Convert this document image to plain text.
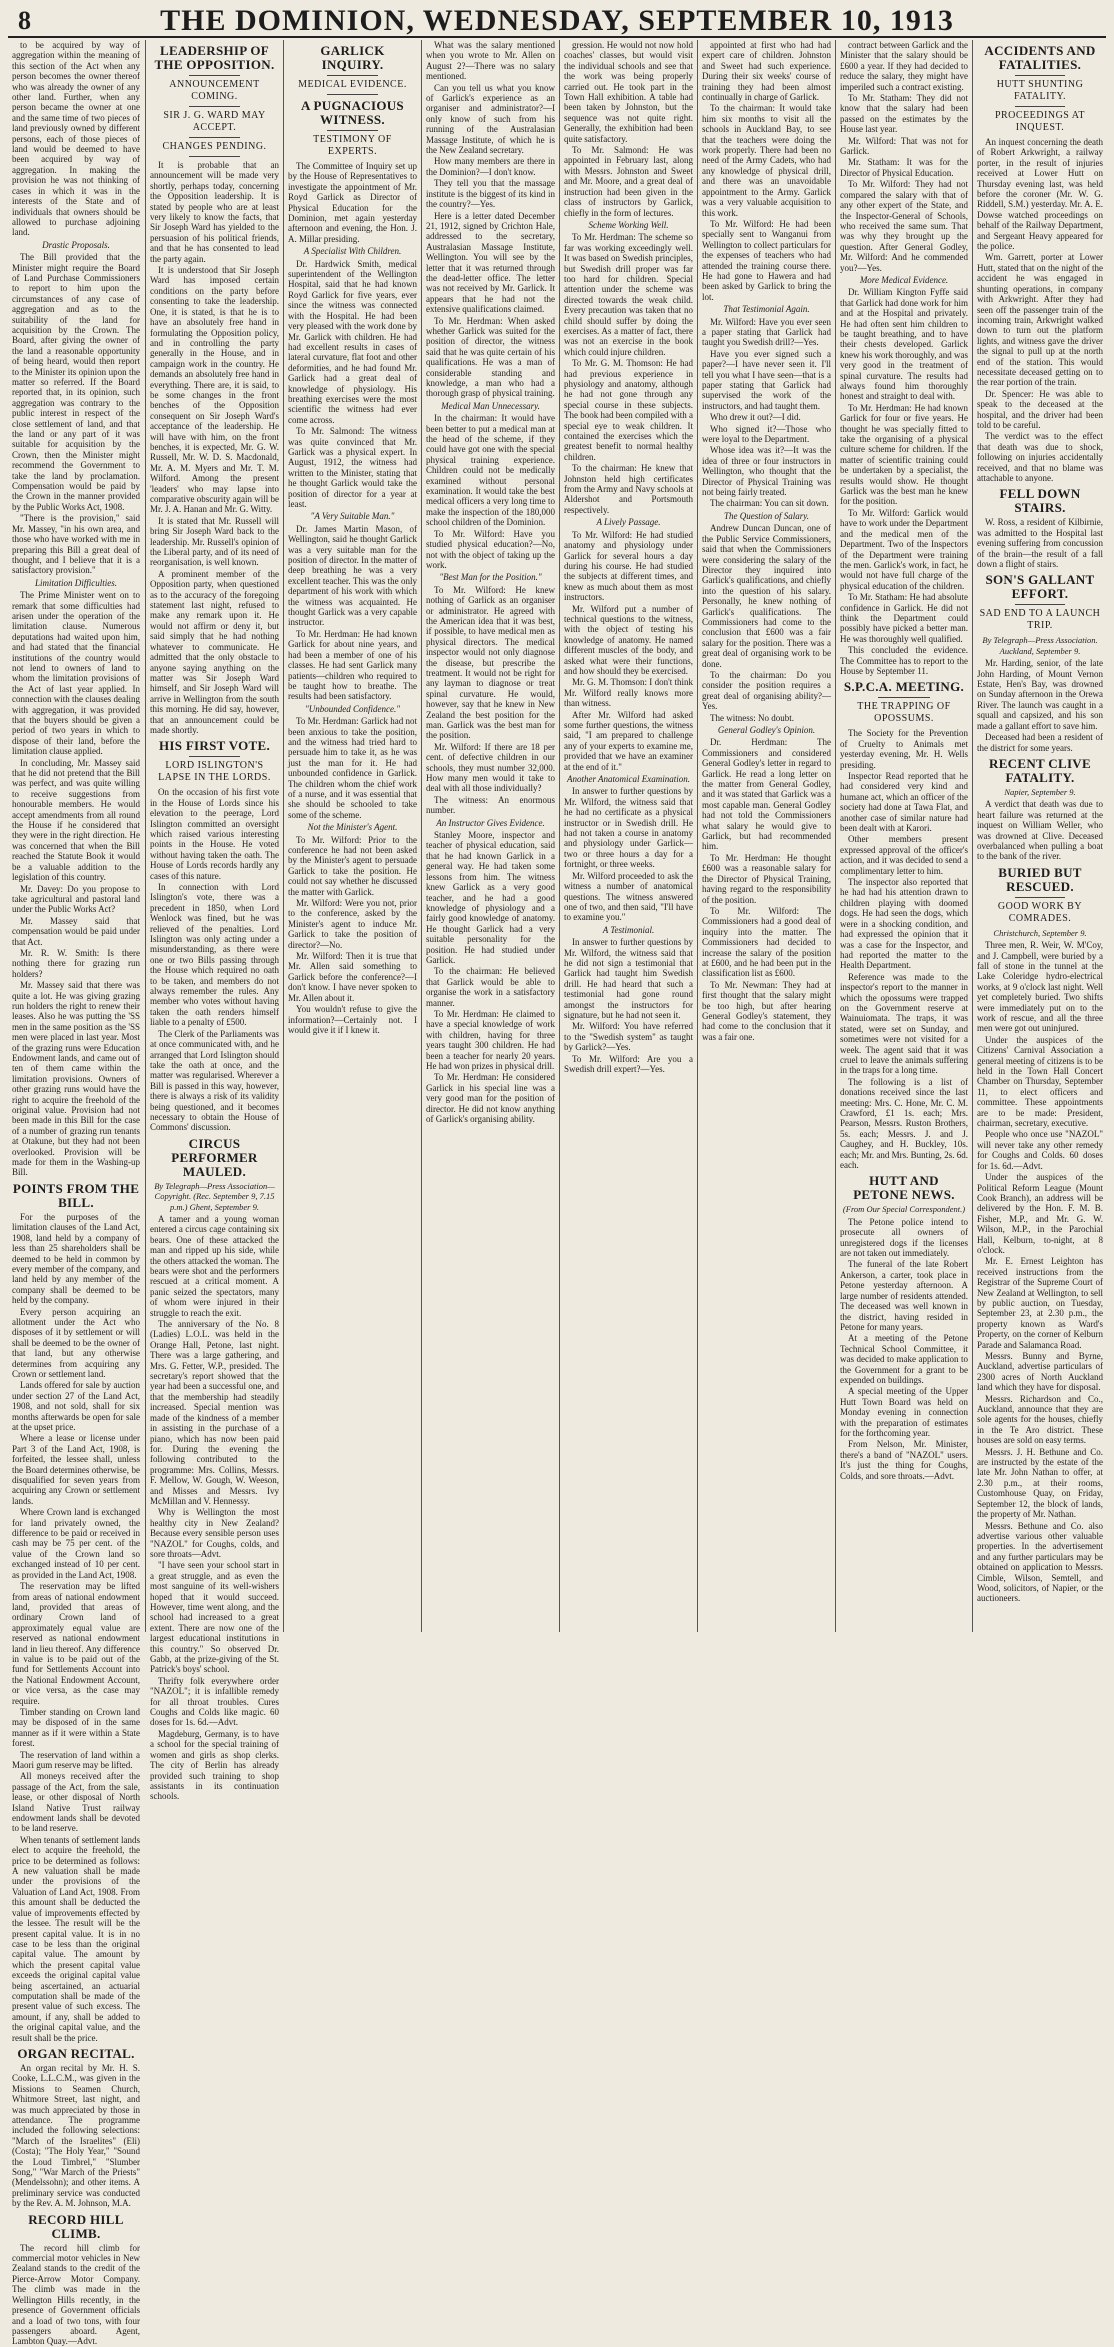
8	THE DOMINION, WEDNESDAY, SEPTEMBER 10, 1913

to be acquired by way of aggregation within the meaning of this section of the Act when any person becomes the owner thereof who was already the owner of any other land. Further, when any person became the owner at one and the same time of two pieces of land previously owned by different persons, each of those pieces of land would be deemed to have been acquired by way of aggregation. In making the provision he was not thinking of cases in which it was in the interests of the State and of individuals that owners should be allowed to purchase adjoining land.

Drastic Proposals.

The Bill provided that the Minister might require the Board of Land Purchase Commissioners to report to him upon the circumstances of any case of aggregation and as to the suitability of the land for acquisition by the Crown. The Board, after giving the owner of the land a reasonable opportunity of being heard, would then report to the Minister its opinion upon the matter so referred. If the Board reported that, in its opinion, such aggregation was contrary to the public interest in respect of the close settlement of land, and that the land or any part of it was suitable for acquisition by the Crown, then the Minister might recommend the Government to take the land by proclamation. Compensation would be paid by the Crown in the manner provided by the Public Works Act, 1908.

"There is the provision," said Mr. Massey, "in his own area, and those who have worked with me in preparing this Bill a great deal of thought, and I believe that it is a satisfactory provision."

Limitation Difficulties.

The Prime Minister went on to remark that some difficulties had arisen under the operation of the limitation clause. Numerous deputations had waited upon him, and had stated that the financial institutions of the country would not lend to owners of land to whom the limitation provisions of the Act of last year applied. In connection with the clauses dealing with aggregation, it was provided that the buyers should be given a period of two years in which to dispose of their land, before the limitation clause applied.

In concluding, Mr. Massey said that he did not pretend that the Bill was perfect, and was quite willing to receive suggestions from honourable members. He would accept amendments from all round the House if he considered that they were in the right direction. He was concerned that when the Bill reached the Statute Book it would be a valuable addition to the legislation of this country.

Mr. Davey: Do you propose to take agricultural and pastoral land under the Public Works Act?

Mr. Massey said that compensation would be paid under that Act.

Mr. R. W. Smith: Is there nothing there for grazing run holders?

Mr. Massey said that there was quite a lot. He was giving grazing run holders the right to renew their leases. Also he was putting the 'SS men in the same position as the 'SS men were placed in last year. Most of the grazing runs were Education Endowment lands, and came out of ten of them came within the limitation provisions. Owners of other grazing runs would have the right to acquire the freehold of the original value. Provision had not been made in this Bill for the case of a number of grazing run tenants at Otakune, but they had not been overlooked. Provision will be made for them in the Washing-up Bill.

POINTS FROM THE BILL.

For the purposes of the limitation clauses of the Land Act, 1908, land held by a company of less than 25 shareholders shall be deemed to be held in common by every member of the company, and land held by any member of the company shall be deemed to be held by the company.

Every person acquiring an allotment under the Act who disposes of it by settlement or will shall be deemed to be the owner of that land, but any otherwise determines from acquiring any Crown or settlement land.

Lands offered for sale by auction under section 27 of the Land Act, 1908, and not sold, shall for six months afterwards be open for sale at the upset price.

Where a lease or license under Part 3 of the Land Act, 1908, is forfeited, the lessee shall, unless the Board determines otherwise, be disqualified for seven years from acquiring any Crown or settlement lands.

Where Crown land is exchanged for land privately owned, the difference to be paid or received in cash may be 75 per cent. of the value of the Crown land so exchanged instead of 10 per cent. as provided in the Land Act, 1908.

The reservation may be lifted from areas of national endowment land, provided that areas of ordinary Crown land of approximately equal value are reserved as national endowment land in lieu thereof. Any difference in value is to be paid out of the fund for Settlements Account into the National Endowment Account, or vice versa, as the case may require.

Timber standing on Crown land may be disposed of in the same manner as if it were within a State forest.

The reservation of land within a Maori gum reserve may be lifted.

All moneys received after the passage of the Act, from the sale, lease, or other disposal of North Island Native Trust railway endowment lands shall be devoted to be land reserve.

When tenants of settlement lands elect to acquire the freehold, the price to be determined as follows: A new valuation shall be made under the provisions of the Valuation of Land Act, 1908. From this amount shall be deducted the value of improvements effected by the lessee. The result will be the present capital value. It is in no case to be less than the original capital value. The amount by which the present capital value exceeds the original capital value being ascertained, an actuarial computation shall be made of the present value of such excess. The amount, if any, shall be added to the original capital value, and the result shall be the price.

ORGAN RECITAL.

An organ recital by Mr. H. S. Cooke, L.L.C.M., was given in the Missions to Seamen Church, Whitmore Street, last night, and was much appreciated by those in attendance. The programme included the following selections: "March of the Israelites" (Eli) (Costa); "The Holy Year," "Sound the Loud Timbrel," "Slumber Song," "War March of the Priests" (Mendelssohn); and other items. A preliminary service was conducted by the Rev. A. M. Johnson, M.A.

RECORD HILL CLIMB.

The record hill climb for commercial motor vehicles in New Zealand stands to the credit of the Pierce-Arrow Motor Company. The climb was made in the Wellington Hills recently, in the presence of Government officials and a load of two tons, with four passengers aboard. Agent, Lambton Quay.—Advt.

LEADERSHIP OF THE OPPOSITION.
ANNOUNCEMENT COMING.
SIR J. G. WARD MAY ACCEPT.
CHANGES PENDING.

It is probable that an announcement will be made very shortly, perhaps today, concerning the Opposition leadership. It is stated by people who are at least very likely to know the facts, that Sir Joseph Ward has yielded to the persuasion of his political friends, and that he has consented to lead the party again.

It is understood that Sir Joseph Ward has imposed certain conditions on the party before consenting to take the leadership. One, it is stated, is that he is to have an absolutely free hand in formulating the Opposition policy, and in controlling the party generally in the House, and in campaign work in the country. He demands an absolutely free hand in everything. There are, it is said, to be some changes in the front benches of the Opposition consequent on Sir Joseph Ward's acceptance of the leadership. He will have with him, on the front benches, it is expected, Mr. G. W. Russell, Mr. W. D. S. Macdonald, Mr. A. M. Myers and Mr. T. M. Wilford. Among the present 'leaders' who may lapse into comparative obscurity again will be Mr. J. A. Hanan and Mr. G. Witty.

It is stated that Mr. Russell will bring Sir Joseph Ward back to the leadership. Mr. Russell's opinion of the Liberal party, and of its need of reorganisation, is well known.

A prominent member of the Opposition party, when questioned as to the accuracy of the foregoing statement last night, refused to make any remark upon it. He would not affirm or deny it, but said simply that he had nothing whatever to communicate. He admitted that the only obstacle to anyone saying anything on the matter was Sir Joseph Ward himself, and Sir Joseph Ward will arrive in Wellington from the south this morning. He did say, however, that an announcement could be made shortly.

HIS FIRST VOTE.
LORD ISLINGTON'S LAPSE IN THE LORDS.

On the occasion of his first vote in the House of Lords since his elevation to the peerage, Lord Islington committed an oversight which raised various interesting points in the House. He voted without having taken the oath. The House of Lords records hardly any cases of this nature.

In connection with Lord Islington's vote, there was a precedent in 1850, when Lord Wenlock was fined, but he was relieved of the penalties. Lord Islington was only acting under a misunderstanding, as there were one or two Bills passing through the House which required no oath to be taken, and members do not always remember the rules. Any member who votes without having taken the oath renders himself liable to a penalty of £500.

The Clerk of the Parliaments was at once communicated with, and he arranged that Lord Islington should take the oath at once, and the matter was regularised. Wherever a Bill is passed in this way, however, there is always a risk of its validity being questioned, and it becomes necessary to obtain the House of Commons' discussion.

CIRCUS PERFORMER MAULED.
By Telegraph—Press Association—Copyright. (Rec. September 9, 7.15 p.m.) Ghent, September 9.

A tamer and a young woman entered a circus cage containing six bears. One of these attacked the man and ripped up his side, while the others attacked the woman. The bears were shot and the performers rescued at a critical moment. A panic seized the spectators, many of whom were injured in their struggle to reach the exit.

The anniversary of the No. 8 (Ladies) L.O.L. was held in the Orange Hall, Petone, last night. There was a large gathering, and Mrs. G. Fetter, W.P., presided. The secretary's report showed that the year had been a successful one, and that the membership had steadily increased. Special mention was made of the kindness of a member in assisting in the purchase of a piano, which has now been paid for. During the evening the following contributed to the programme: Mrs. Collins, Messrs. F. Mellow, W. Gough, W. Weeson, and Misses and Messrs. Ivy McMillan and V. Hennessy.

Why is Wellington the most healthy city in New Zealand? Because every sensible person uses "NAZOL" for Coughs, colds, and sore throats—Advt.

"I have seen your school start in a great struggle, and as even the most sanguine of its well-wishers hoped that it would succeed. However, time went along, and the school had increased to a great extent. There are now one of the largest educational institutions in this country." So observed Dr. Gabb, at the prize-giving of the St. Patrick's boys' school.

Thrifty folk everywhere order "NAZOL"; it is infallible remedy for all throat troubles. Cures Coughs and Colds like magic. 60 doses for 1s. 6d.—Advt.

Magdeburg, Germany, is to have a school for the special training of women and girls as shop clerks. The city of Berlin has already provided such training to shop assistants in its continuation schools.

GARLICK INQUIRY.
MEDICAL EVIDENCE.
A PUGNACIOUS WITNESS.
TESTIMONY OF EXPERTS.

The Committee of Inquiry set up by the House of Representatives to investigate the appointment of Mr. Royd Garlick as Director of Physical Education for the Dominion, met again yesterday afternoon and evening, the Hon. J. A. Millar presiding.

A Specialist With Children.

Dr. Hardwick Smith, medical superintendent of the Wellington Hospital, said that he had known Royd Garlick for five years, ever since the witness was connected with the Hospital. He had been very pleased with the work done by Mr. Garlick with children. He had had excellent results in cases of lateral curvature, flat foot and other deformities, and he had found Mr. Garlick had a great deal of knowledge of physiology. His breathing exercises were the most scientific the witness had ever come across.

To Mr. Salmond: The witness was quite convinced that Mr. Garlick was a physical expert. In August, 1912, the witness had written to the Minister, stating that he thought Garlick would take the position of director for a year at least.

"A Very Suitable Man."

Dr. James Martin Mason, of Wellington, said he thought Garlick was a very suitable man for the position of director. In the matter of deep breathing he was a very excellent teacher. This was the only department of his work with which the witness was acquainted. He thought Garlick was a very capable instructor.

To Mr. Herdman: He had known Garlick for about nine years, and had been a member of one of his classes. He had sent Garlick many patients—children who required to be taught how to breathe. The results had been satisfactory.

"Unbounded Confidence."

To Mr. Herdman: Garlick had not been anxious to take the position, and the witness had tried hard to persuade him to take it, as he was just the man for it. He had unbounded confidence in Garlick. The children whom the chief work of a nurse, and it was essential that she should be schooled to take some of the scheme.

Not the Minister's Agent.

To Mr. Wilford: Prior to the conference he had not been asked by the Minister's agent to persuade Garlick to take the position. He could not say whether he discussed the matter with Garlick.

Mr. Wilford: Were you not, prior to the conference, asked by the Minister's agent to induce Mr. Garlick to take the position of director?—No.

Mr. Wilford: Then it is true that Mr. Allen said something to Garlick before the conference?—I don't know. I have never spoken to Mr. Allen about it.

You wouldn't refuse to give the information?—Certainly not. I would give it if I knew it.

What was the salary mentioned when you wrote to Mr. Allen on August 2?—There was no salary mentioned.

Can you tell us what you know of Garlick's experience as an organiser and administrator?—I only know of such from his running of the Australasian Massage Institute, of which he is the New Zealand secretary.

How many members are there in the Dominion?—I don't know.

They tell you that the massage institute is the biggest of its kind in the country?—Yes.

Here is a letter dated December 21, 1912, signed by Crichton Hale, addressed to the secretary, Australasian Massage Institute, Wellington. You will see by the letter that it was returned through the dead-letter office. The letter was not received by Mr. Garlick. It appears that he had not the extensive qualifications claimed.

To Mr. Herdman: When asked whether Garlick was suited for the position of director, the witness said that he was quite certain of his qualifications. He was a man of considerable standing and knowledge, a man who had a thorough grasp of physical training.

Medical Man Unnecessary.

In the chairman: It would have been better to put a medical man at the head of the scheme, if they could have got one with the special physical training experience. Children could not be medically examined without personal examination. It would take the best medical officers a very long time to make the inspection of the 180,000 school children of the Dominion.

To Mr. Wilford: Have you studied physical education?—No, not with the object of taking up the work.

"Best Man for the Position."

To Mr. Wilford: He knew nothing of Garlick as an organiser or administrator. He agreed with the American idea that it was best, if possible, to have medical men as physical directors. The medical inspector would not only diagnose the disease, but prescribe the treatment. It would not be right for any layman to diagnose or treat spinal curvature. He would, however, say that he knew in New Zealand the best position for the man. Garlick was the best man for the position.

Mr. Wilford: If there are 18 per cent. of defective children in our schools, they must number 32,000. How many men would it take to deal with all those individually?

The witness: An enormous number.

An Instructor Gives Evidence.

Stanley Moore, inspector and teacher of physical education, said that he had known Garlick in a general way. He had taken some lessons from him. The witness knew Garlick as a very good teacher, and he had a good knowledge of physiology and a fairly good knowledge of anatomy. He thought Garlick had a very suitable personality for the position. He had studied under Garlick.

To the chairman: He believed that Garlick would be able to organise the work in a satisfactory manner.

To Mr. Herdman: He claimed to have a special knowledge of work with children, having for three years taught 300 children. He had been a teacher for nearly 20 years. He had won prizes in physical drill.

To Mr. Herdman: He considered Garlick in his special line was a very good man for the position of director. He did not know anything of Garlick's organising ability.

gression. He would not now hold coaches' classes, but would visit the individual schools and see that the work was being properly carried out. He took part in the Town Hall exhibition. A table had been taken by Johnston, but the sequence was not quite right. Generally, the exhibition had been quite satisfactory.

To Mr. Salmond: He was appointed in February last, along with Messrs. Johnston and Sweet and Mr. Moore, and a great deal of instruction had been given in the class of instructors by Garlick, chiefly in the form of lectures.

Scheme Working Well.

To Mr. Herdman: The scheme so far was working exceedingly well. It was based on Swedish principles, but Swedish drill proper was far too hard for children. Special attention under the scheme was directed towards the weak child. Every precaution was taken that no child should suffer by doing the exercises. As a matter of fact, there was not an exercise in the book which could injure children.

To Mr. G. M. Thomson: He had had previous experience in physiology and anatomy, although he had not gone through any special course in these subjects. The book had been compiled with a special eye to weak children. It contained the exercises which the greatest benefit to normal healthy children.

To the chairman: He knew that Johnston held high certificates from the Army and Navy schools at Aldershot and Portsmouth respectively.

A Lively Passage.

To Mr. Wilford: He had studied anatomy and physiology under Garlick for several hours a day during his course. He had studied the subjects at different times, and knew as much about them as most instructors.

Mr. Wilford put a number of technical questions to the witness, with the object of testing his knowledge of anatomy. He named different muscles of the body, and asked what were their functions, and how should they be exercised.

Mr. G. M. Thomson: I don't think Mr. Wilford really knows more than witness.

After Mr. Wilford had asked some further questions, the witness said, "I am prepared to challenge any of your experts to examine me, provided that we have an examiner at the end of it."

Another Anatomical Examination.

In answer to further questions by Mr. Wilford, the witness said that he had no certificate as a physical instructor or in Swedish drill. He had not taken a course in anatomy and physiology under Garlick—two or three hours a day for a fortnight, or three weeks.

Mr. Wilford proceeded to ask the witness a number of anatomical questions. The witness answered one of two, and then said, "I'll have to examine you."

A Testimonial.

In answer to further questions by Mr. Wilford, the witness said that he did not sign a testimonial that Garlick had taught him Swedish drill. He had heard that such a testimonial had gone round amongst the instructors for signature, but he had not seen it.

Mr. Wilford: You have referred to the "Swedish system" as taught by Garlick?—Yes.

To Mr. Wilford: Are you a Swedish drill expert?—Yes.

appointed at first who had had expert care of children. Johnston and Sweet had such experience. During their six weeks' course of training they had been almost continually in charge of Garlick.

To the chairman: It would take him six months to visit all the schools in Auckland Bay, to see that the teachers were doing the work properly. There had been no need of the Army Cadets, who had any knowledge of physical drill, and there was an unavoidable appointment to the Army. Garlick was a very valuable acquisition to this work.

To Mr. Wilford: He had been specially sent to Wanganui from Wellington to collect particulars for the expenses of teachers who had attended the training course there. He had gone to Hawera and had been asked by Garlick to bring the lot.

That Testimonial Again.

Mr. Wilford: Have you ever seen a paper stating that Garlick had taught you Swedish drill?—Yes.

Have you ever signed such a paper?—I have never seen it. I'll tell you what I have seen—that is a paper stating that Garlick had supervised the work of the instructors, and had taught them.

Who drew it out?—I did.

Who signed it?—Those who were loyal to the Department.

Whose idea was it?—It was the idea of three or four instructors in Wellington, who thought that the Director of Physical Training was not being fairly treated.

The chairman: You can sit down.

The Question of Salary.

Andrew Duncan Duncan, one of the Public Service Commissioners, said that when the Commissioners were considering the salary of the Director they inquired into Garlick's qualifications, and chiefly into the question of his salary. Personally, he knew nothing of Garlick's qualifications. The Commissioners had come to the conclusion that £600 was a fair salary for the position. There was a great deal of organising work to be done.

To the chairman: Do you consider the position requires a great deal of organising ability?—Yes.

The witness: No doubt.

General Godley's Opinion.

Dr. Herdman: The Commissioners and considered General Godley's letter in regard to Garlick. He read a long letter on the matter from General Godley, and it was stated that Garlick was a most capable man. General Godley had not told the Commissioners what salary he would give to Garlick, but had recommended him.

To Mr. Herdman: He thought £600 was a reasonable salary for the Director of Physical Training, having regard to the responsibility of the position.

To Mr. Wilford: The Commissioners had a good deal of inquiry into the matter. The Commissioners had decided to increase the salary of the position at £600, and he had been put in the classification list as £600.

To Mr. Newman: They had at first thought that the salary might be too high, but after hearing General Godley's statement, they had come to the conclusion that it was a fair one.

contract between Garlick and the Minister that the salary should be £600 a year. If they had decided to reduce the salary, they might have imperiled such a contract existing.

To Mr. Statham: They did not know that the salary had been passed on the estimates by the House last year.

Mr. Wilford: That was not for Garlick.

Mr. Statham: It was for the Director of Physical Education.

To Mr. Wilford: They had not compared the salary with that of any other expert of the State, and the Inspector-General of Schools, who received the same sum. That was why they brought up the question. After General Godley, Mr. Wilford: And he commended you?—Yes.

More Medical Evidence.

Dr. William Kington Fyffe said that Garlick had done work for him and at the Hospital and privately. He had often sent him children to be taught breathing, and to have their chests developed. Garlick knew his work thoroughly, and was very good in the treatment of spinal curvature. The results had always found him thoroughly honest and straight to deal with.

To Mr. Herdman: He had known Garlick for four or five years. He thought he was specially fitted to take the organising of a physical culture scheme for children. If the matter of scientific training could be undertaken by a specialist, the results would show. He thought Garlick was the best man he knew for the position.

To Mr. Wilford: Garlick would have to work under the Department and the medical men of the Department. Two of the Inspectors of the Department were training the men. Garlick's work, in fact, he would not have full charge of the physical education of the children.

To Mr. Statham: He had absolute confidence in Garlick. He did not think the Department could possibly have picked a better man. He was thoroughly well qualified.

This concluded the evidence. The Committee has to report to the House by September 11.

S.P.C.A. MEETING.
THE TRAPPING OF OPOSSUMS.

The Society for the Prevention of Cruelty to Animals met yesterday evening, Mr. H. Wells presiding.

Inspector Read reported that he had considered very kind and humane act, which an officer of the society had done at Tawa Flat, and another case of similar nature had been dealt with at Karori.

Other members present expressed approval of the officer's action, and it was decided to send a complimentary letter to him.

The inspector also reported that he had had his attention drawn to children playing with doomed dogs. He had seen the dogs, which were in a shocking condition, and had expressed the opinion that it was a case for the Inspector, and had reported the matter to the Health Department.

Reference was made to the inspector's report to the manner in which the opossums were trapped on the Government reserve at Wainuiomata. The traps, it was stated, were set on Sunday, and sometimes were not visited for a week. The agent said that it was cruel to leave the animals suffering in the traps for a long time.

The following is a list of donations received since the last meeting: Mrs. C. Hone, Mr. C. M. Crawford, £1 1s. each; Mrs. Pearson, Messrs. Ruston Brothers, 5s. each; Messrs. J. and J. Caughey, and H. Buckley, 10s. each; Mr. and Mrs. Bunting, 2s. 6d. each.

HUTT AND PETONE NEWS.
(From Our Special Correspondent.)

The Petone police intend to prosecute all owners of unregistered dogs if the licenses are not taken out immediately.

The funeral of the late Robert Ankerson, a carter, took place in Petone yesterday afternoon. A large number of residents attended. The deceased was well known in the district, having resided in Petone for many years.

At a meeting of the Petone Technical School Committee, it was decided to make application to the Government for a grant to be expended on buildings.

A special meeting of the Upper Hutt Town Board was held on Monday evening in connection with the preparation of estimates for the forthcoming year.

From Nelson, Mr. Minister, there's a band of "NAZOL" users. It's just the thing for Coughs, Colds, and sore throats.—Advt.

ACCIDENTS AND FATALITIES.
HUTT SHUNTING FATALITY.
PROCEEDINGS AT INQUEST.

An inquest concerning the death of Robert Arkwright, a railway porter, in the result of injuries received at Lower Hutt on Thursday evening last, was held before the coroner (Mr. W. G. Riddell, S.M.) yesterday. Mr. A. E. Dowse watched proceedings on behalf of the Railway Department, and Sergeant Heavy appeared for the police.

Wm. Garrett, porter at Lower Hutt, stated that on the night of the accident he was engaged in shunting operations, in company with Arkwright. After they had seen off the passenger train of the incoming train, Arkwright walked down to turn out the platform lights, and witness gave the driver the signal to pull up at the north end of the station. This would necessitate deceased getting on to the rear portion of the train.

Dr. Spencer: He was able to speak to the deceased at the hospital, and the driver had been told to be careful.

The verdict was to the effect that death was due to shock, following on injuries accidentally received, and that no blame was attachable to anyone.

FELL DOWN STAIRS.

W. Ross, a resident of Kilbirnie, was admitted to the Hospital last evening suffering from concussion of the brain—the result of a fall down a flight of stairs.

SON'S GALLANT EFFORT.
SAD END TO A LAUNCH TRIP.
By Telegraph—Press Association. Auckland, September 9.

Mr. Harding, senior, of the late John Harding, of Mount Vernon Estate, Hen's Bay, was drowned on Sunday afternoon in the Orewa River. The launch was caught in a squall and capsized, and his son made a gallant effort to save him.

Deceased had been a resident of the district for some years.

RECENT CLIVE FATALITY.
Napier, September 9.

A verdict that death was due to heart failure was returned at the inquest on William Weller, who was drowned at Clive. Deceased overbalanced when pulling a boat to the bank of the river.

BURIED BUT RESCUED.
GOOD WORK BY COMRADES.
Christchurch, September 9.

Three men, R. Weir, W. M'Coy, and J. Campbell, were buried by a fall of stone in the tunnel at the Lake Coleridge hydro-electrical works, at 9 o'clock last night. Well yet completely buried. Two shifts were immediately put on to the work of rescue, and all the three men were got out uninjured.

Under the auspices of the Citizens' Carnival Association a general meeting of citizens is to be held in the Town Hall Concert Chamber on Thursday, September 11, to elect officers and committee. These appointments are to be made: President, chairman, secretary, executive.

People who once use "NAZOL" will never take any other remedy for Coughs and Colds. 60 doses for 1s. 6d.—Advt.

Under the auspices of the Political Reform League (Mount Cook Branch), an address will be delivered by the Hon. F. M. B. Fisher, M.P., and Mr. G. W. Wilson, M.P., in the Parochial Hall, Kelburn, to-night, at 8 o'clock.

Mr. E. Ernest Leighton has received instructions from the Registrar of the Supreme Court of New Zealand at Wellington, to sell by public auction, on Tuesday, September 23, at 2.30 p.m., the property known as Ward's Property, on the corner of Kelburn Parade and Salamanca Road.

Messrs. Bunny and Byrne, Auckland, advertise particulars of 2300 acres of North Auckland land which they have for disposal.

Messrs. Richardson and Co., Auckland, announce that they are sole agents for the houses, chiefly in the Te Aro district. These houses are sold on easy terms.

Messrs. J. H. Bethune and Co. are instructed by the estate of the late Mr. John Nathan to offer, at 2.30 p.m., at their rooms, Customhouse Quay, on Friday, September 12, the block of lands, the property of Mr. Nathan.

Messrs. Bethune and Co. also advertise various other valuable properties. In the advertisement and any further particulars may be obtained on application to Messrs. Cimble, Wilson, Semtell, and Wood, solicitors, of Napier, or the auctioneers.
